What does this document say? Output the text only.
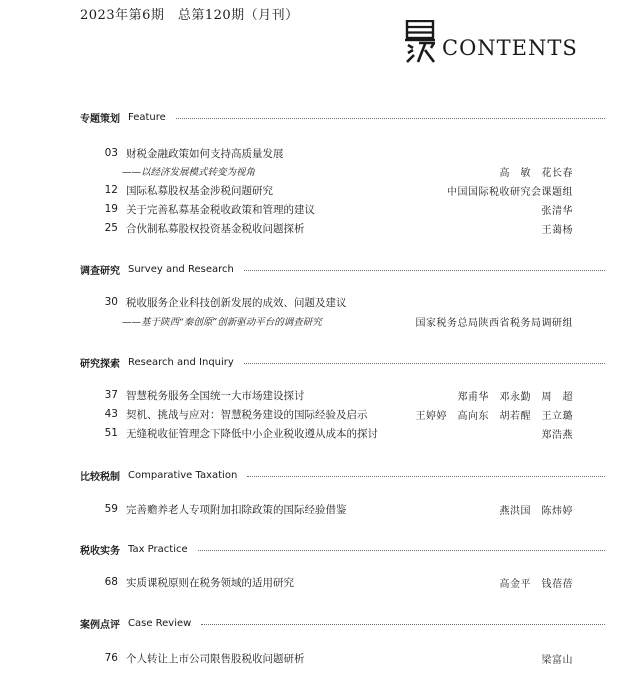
2023年第6期　总第120期（月刊）
CONTENTS
专题策划 Feature
03 财税金融政策如何支持高质量发展
——以经济发展模式转变为视角	高　敏　花长春
12 国际私募股权基金涉税问题研究	中国国际税收研究会课题组
19 关于完善私募基金税收政策和管理的建议	张清华
25 合伙制私募股权投资基金税收问题探析	王蔼杨
调查研究 Survey and Research
30 税收服务企业科技创新发展的成效、问题及建议
——基于陕西“秦创原”创新驱动平台的调查研究	国家税务总局陕西省税务局调研组
研究探索 Research and Inquiry
37 智慧税务服务全国统一大市场建设探讨	郑甫华　邓永勤　周　超
43 契机、挑战与应对：智慧税务建设的国际经验及启示	王婷婷　高向东　胡若醒　王立璐
51 无缝税收征管理念下降低中小企业税收遵从成本的探讨	郑浩燕
比较税制 Comparative Taxation
59 完善赡养老人专项附加扣除政策的国际经验借鉴	燕洪国　陈炜婷
税收实务 Tax Practice
68 实质课税原则在税务领域的适用研究	高金平　钱蓓蓓
案例点评 Case Review
76 个人转让上市公司限售股税收问题研析	梁富山
